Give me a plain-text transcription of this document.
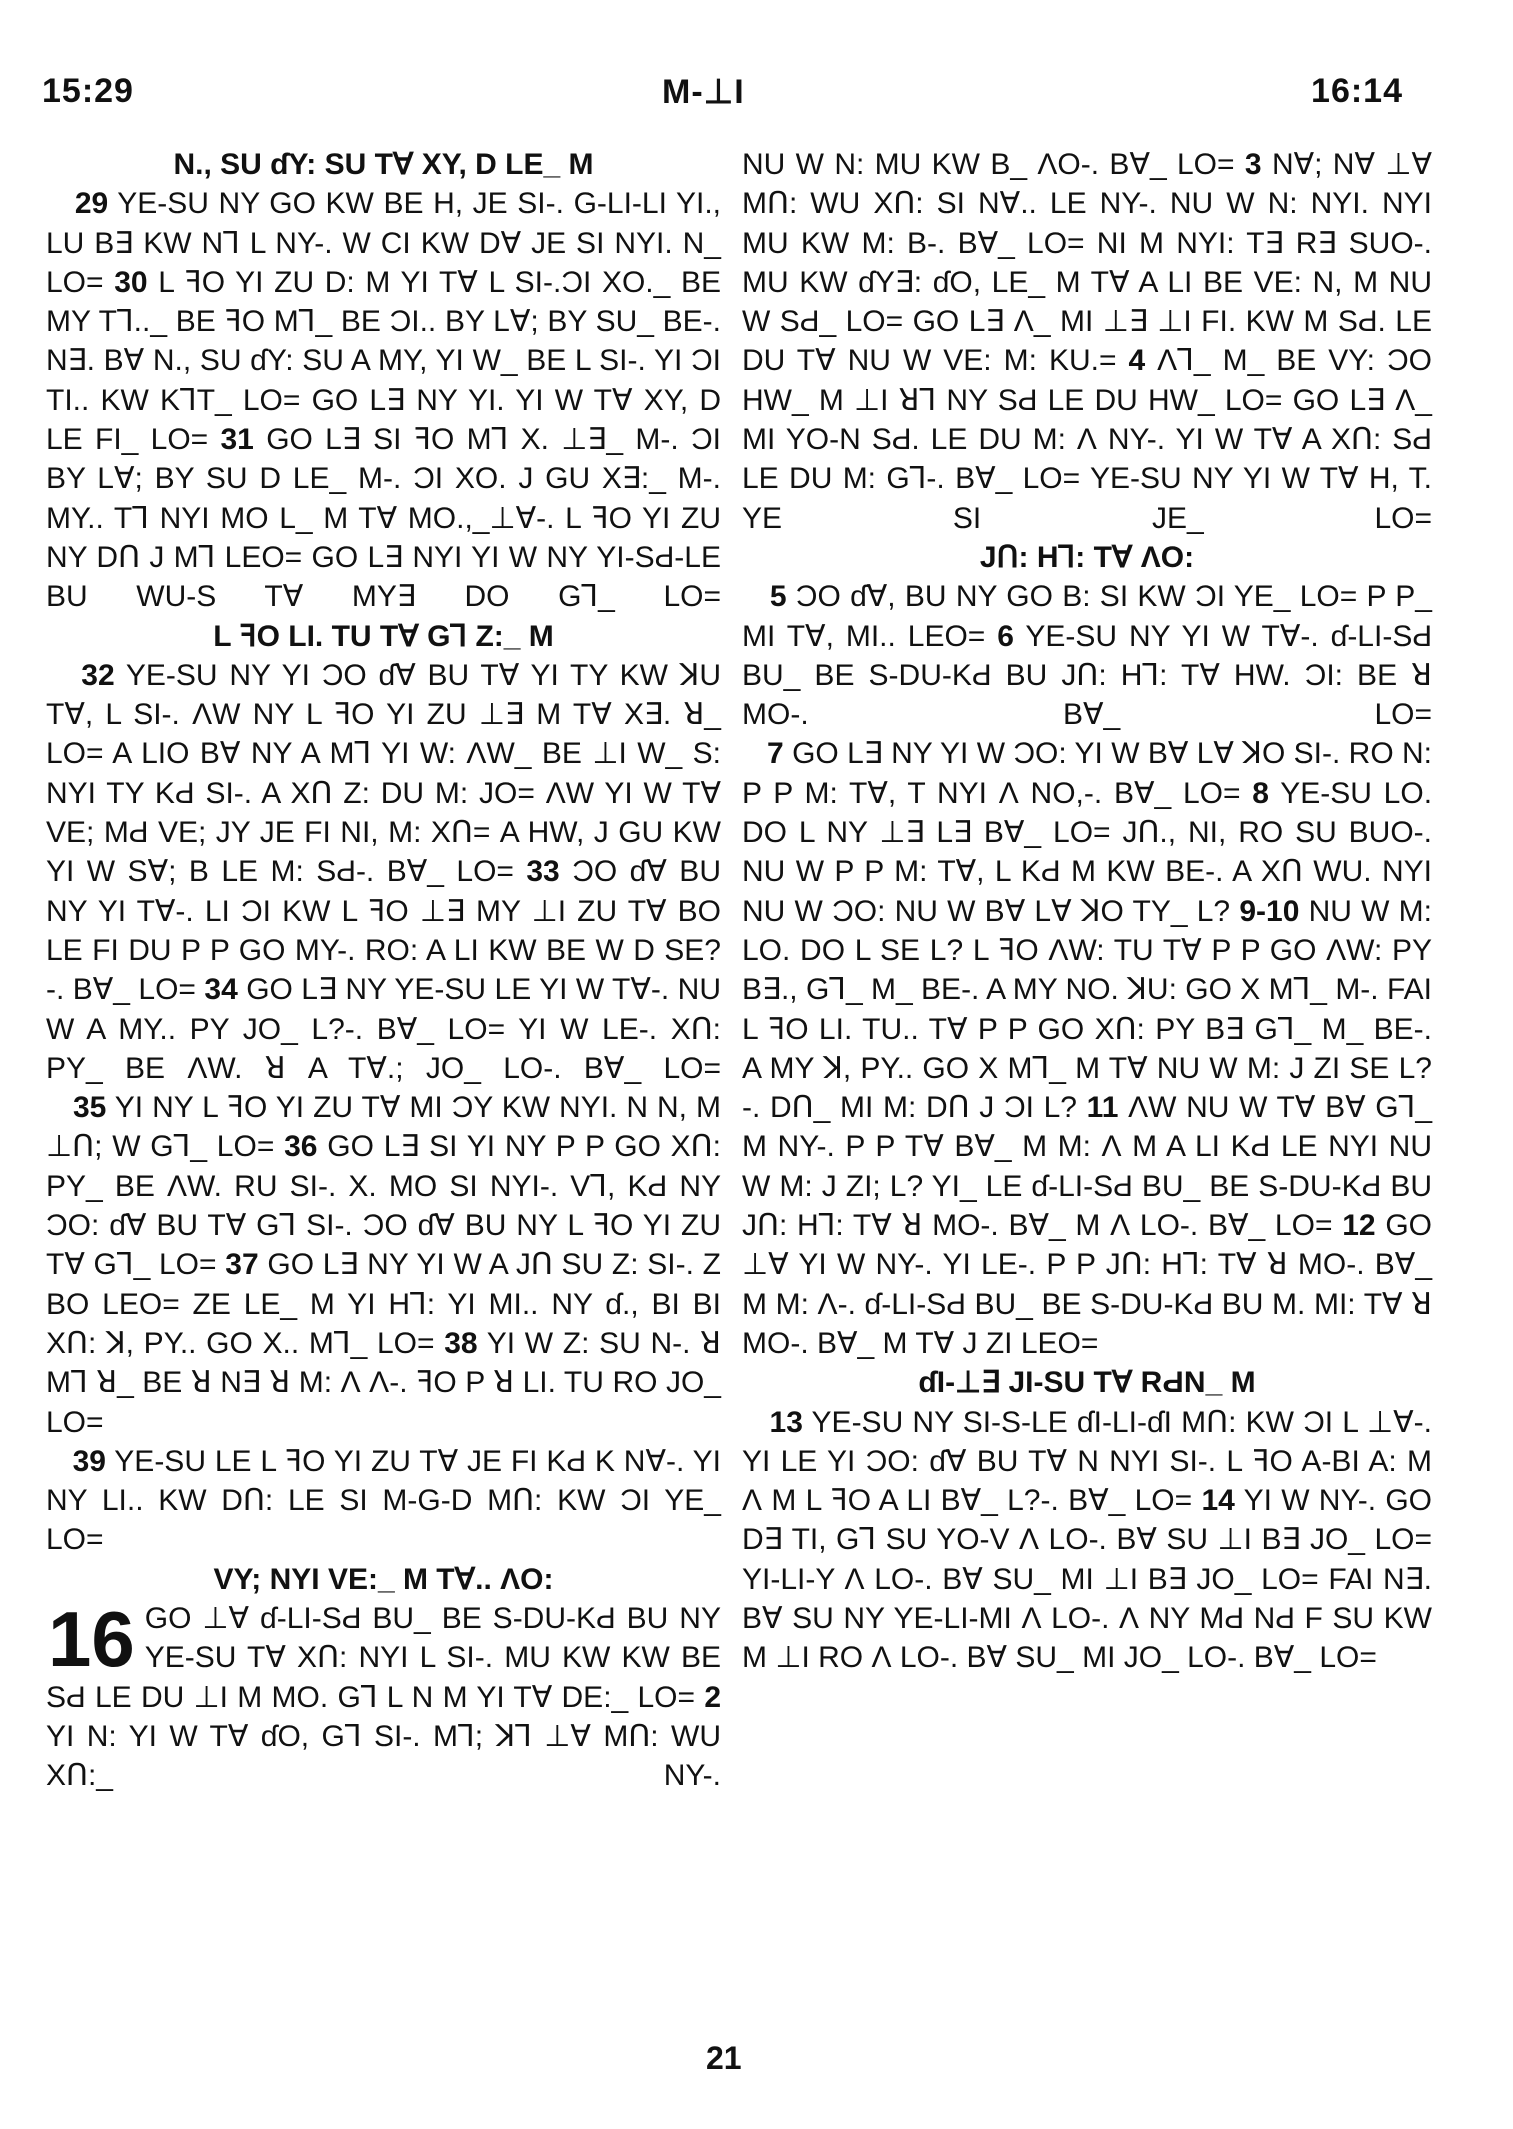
15:29	M-⊥I	16:14
N., SU ɗY: SU TⱯ XY, D LE_ M

29 YE-SU NY GO KW BE H, JE SI-. G-LI-LI YI., LU B∃ KW N⅂ L NY-. W CI KW DⱯ JE SI NYI. N_ LO= 30 L ꟻO YI ZU D: M YI TⱯ L SI-.ƆI XO._ BE MY T⅂.._ BE ꟻO M⅂_ BE ƆI.. BY LⱯ; BY SU_ BE-. N∃. BⱯ N., SU ɗY: SU A MY, YI W_ BE L SI-. YI ƆI TI.. KW K⅂T_ LO= GO L∃ NY YI. YI W TⱯ XY, D LE FI_ LO= 31 GO L∃ SI ꟻO M⅂ X. ⊥∃_ M-. ƆI BY LⱯ; BY SU D LE_ M-. ƆI XO. J GU X∃:_ M-. MY.. T⅂ NYI MO L_ M TⱯ MO.,_⊥Ɐ-. L ꟻO YI ZU NY DՈ J M⅂ LEO= GO L∃ NYI YI W NY YI-SԀ-LE BU WU-S TⱯ MY∃ DO G⅂_ LO=

L ꟻO LI. TU TⱯ G⅂ Z:_ M

32 YE-SU NY YI ƆO ɗⱯ BU TⱯ YI TY KW ꓘU TⱯ, L SI-. ɅW NY L ꟻO YI ZU ⊥∃ M TⱯ X∃. ꓤ_ LO= A LIO BⱯ NY A M⅂ YI W: ɅW_ BE ⊥I W_ S: NYI TY KԀ SI-. A XՈ Z: DU M: JO= ɅW YI W TⱯ VE; MԀ VE; JY JE FI NI, M: XՈ= A HW, J GU KW YI W SⱯ; B LE M: SԀ-. BⱯ_ LO= 33 ƆO ɗⱯ BU NY YI TⱯ-. LI ƆI KW L ꟻO ⊥∃ MY ⊥I ZU TⱯ BO LE FI DU P P GO MY-. RO: A LI KW BE W D SE?-. BⱯ_ LO= 34 GO L∃ NY YE-SU LE YI W TⱯ-. NU W A MY.. PY JO_ L?-. BⱯ_ LO= YI W LE-. XՈ: PY_ BE ɅW. ꓤ A TⱯ.; JO_ LO-. BⱯ_ LO=

35 YI NY L ꟻO YI ZU TⱯ MI ƆY KW NYI. N N, M ⊥Ո; W G⅂_ LO= 36 GO L∃ SI YI NY P P GO XՈ: PY_ BE ɅW. RU SI-. X. MO SI NYI-. V⅂, KԀ NY ƆO: ɗⱯ BU TⱯ G⅂ SI-. ƆO ɗⱯ BU NY L ꟻO YI ZU TⱯ G⅂_ LO= 37 GO L∃ NY YI W A JՈ SU Z: SI-. Z BO LEO= ZE LE_ M YI H⅂: YI MI.. NY ɗ., BI BI XՈ: ꓘ, PY.. GO X.. M⅂_ LO= 38 YI W Z: SU N-. ꓤ M⅂ ꓤ_ BE ꓤ N∃ ꓤ M: Ʌ Ʌ-. ꟻO P ꓤ LI. TU RO JO_ LO=

39 YE-SU LE L ꟻO YI ZU TⱯ JE FI KԀ K NⱯ-. YI NY LI.. KW DՈ: LE SI M-G-D MՈ: KW ƆI YE_ LO=

VY; NYI VE:_ M TⱯ.. ɅO:

16 GO ⊥Ɐ ɗ-LI-SԀ BU_ BE S-DU-KԀ BU NY YE-SU TⱯ XՈ: NYI L SI-. MU KW KW BE SԀ LE DU ⊥I M MO. G⅂ L N M YI TⱯ DE:_ LO= 2 YI N: YI W TⱯ ɗO, G⅂ SI-. M⅂; ꓘ⅂ ⊥Ɐ MՈ: WU XՈ:_ NY-.

NU W N: MU KW B_ ɅO-. BⱯ_ LO= 3 NⱯ; NⱯ ⊥Ɐ MՈ: WU XՈ: SI NⱯ.. LE NY-. NU W N: NYI. NYI MU KW M: B-. BⱯ_ LO= NI M NYI: T∃ R∃ SUO-. MU KW ɗY∃: ɗO, LE_ M TⱯ A LI BE VE: N, M NU W SԀ_ LO= GO L∃ Ʌ_ MI ⊥∃ ⊥I FI. KW M SԀ. LE DU TⱯ NU W VE: M: KU.= 4 Ʌ⅂_ M_ BE VY: ƆO HW_ M ⊥I ꓤ⅂ NY SԀ LE DU HW_ LO= GO L∃ Ʌ_ MI YO-N SԀ. LE DU M: Ʌ NY-. YI W TⱯ A XՈ: SԀ LE DU M: G⅂-. BⱯ_ LO= YE-SU NY YI W TⱯ H, T. YE SI JE_ LO=

JՈ: H⅂: TⱯ ɅO:

5 ƆO ɗⱯ, BU NY GO B: SI KW ƆI YE_ LO= P P_ MI TⱯ, MI.. LEO= 6 YE-SU NY YI W TⱯ-. ɗ-LI-SԀ BU_ BE S-DU-KԀ BU JՈ: H⅂: TⱯ HW. ƆI: BE ꓤ MO-. BⱯ_ LO=

7 GO L∃ NY YI W ƆO: YI W BⱯ LⱯ ꓘO SI-. RO N: P P M: TⱯ, T NYI Ʌ NO,-. BⱯ_ LO= 8 YE-SU LO. DO L NY ⊥∃ L∃ BⱯ_ LO= JՈ., NI, RO SU BUO-. NU W P P M: TⱯ, L KԀ M KW BE-. A XՈ WU. NYI NU W ƆO: NU W BⱯ LⱯ ꓘO TY_ L? 9-10 NU W M: LO. DO L SE L? L ꟻO ɅW: TU TⱯ P P GO ɅW: PY B∃., G⅂_ M_ BE-. A MY NO. ꓘU: GO X M⅂_ M-. FAI L ꟻO LI. TU.. TⱯ P P GO XՈ: PY B∃ G⅂_ M_ BE-. A MY ꓘ, PY.. GO X M⅂_ M TⱯ NU W M: J ZI SE L?-. DՈ_ MI M: DՈ J ƆI L? 11 ɅW NU W TⱯ BⱯ G⅂_ M NY-. P P TⱯ BⱯ_ M M: Ʌ M A LI KԀ LE NYI NU W M: J ZI; L? YI_ LE ɗ-LI-SԀ BU_ BE S-DU-KԀ BU JՈ: H⅂: TⱯ ꓤ MO-. BⱯ_ M Ʌ LO-. BⱯ_ LO= 12 GO ⊥Ɐ YI W NY-. YI LE-. P P JՈ: H⅂: TⱯ ꓤ MO-. BⱯ_ M M: Ʌ-. ɗ-LI-SԀ BU_ BE S-DU-KԀ BU M. MI: TⱯ ꓤ MO-. BⱯ_ M TⱯ J ZI LEO=

ɗI-⊥∃ JI-SU TⱯ RԀN_ M

13 YE-SU NY SI-S-LE ɗI-LI-ɗI MՈ: KW ƆI L ⊥Ɐ-. YI LE YI ƆO: ɗⱯ BU TⱯ N NYI SI-. L ꟻO A-BI A: M Ʌ M L ꟻO A LI BⱯ_ L?-. BⱯ_ LO= 14 YI W NY-. GO D∃ TI, G⅂ SU YO-V Ʌ LO-. BⱯ SU ⊥I B∃ JO_ LO= YI-LI-Y Ʌ LO-. BⱯ SU_ MI ⊥I B∃ JO_ LO= FAI N∃. BⱯ SU NY YE-LI-MI Ʌ LO-. Ʌ NY MԀ NԀ F SU KW M ⊥I RO Ʌ LO-. BⱯ SU_ MI JO_ LO-. BⱯ_ LO=

21
